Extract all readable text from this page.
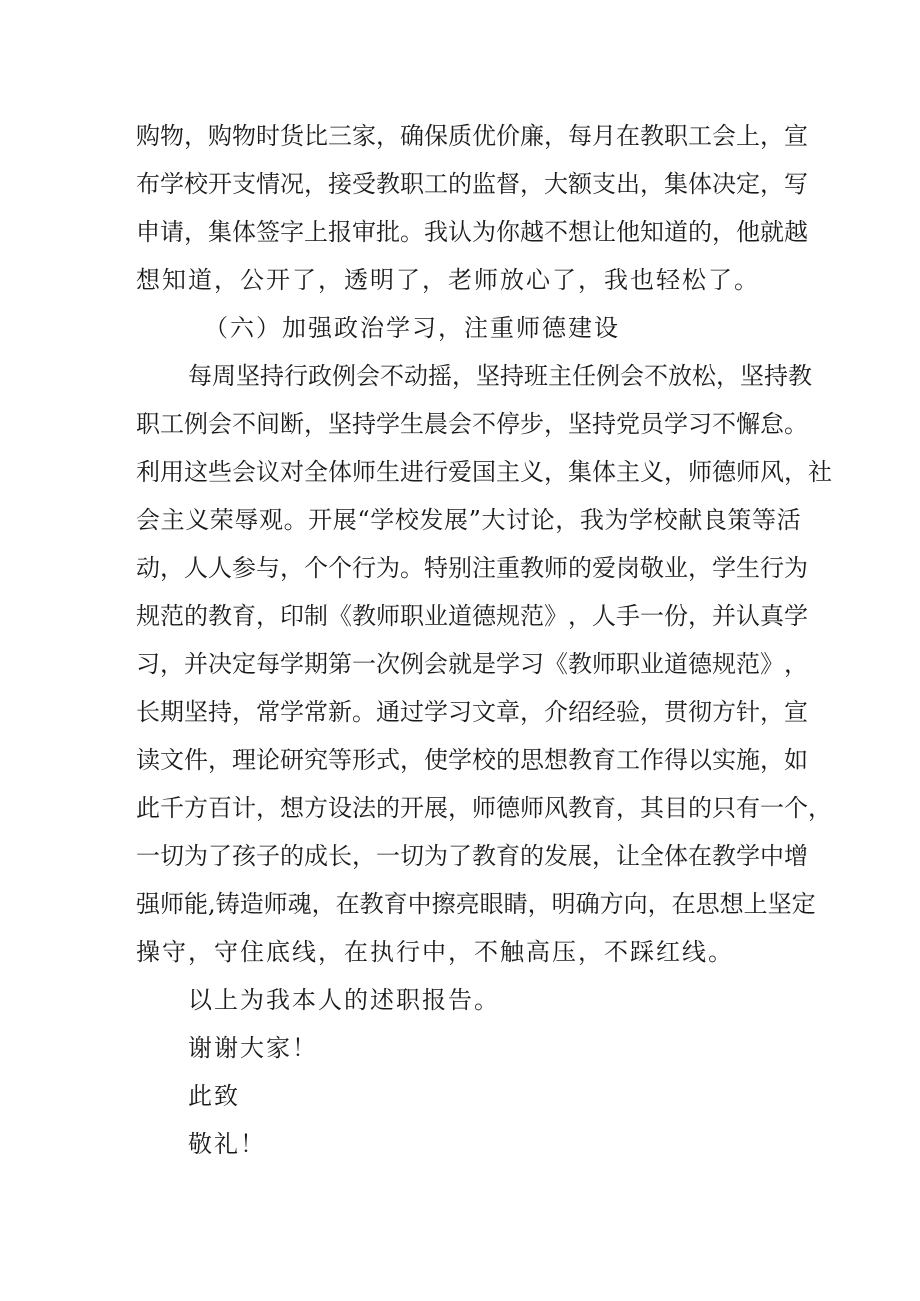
购 物 ， 购 物 时 货 比 三 家 ， 确 保 质 优 价 廉 ， 每 月 在 教 职 工 会 上 ， 宣
布 学 校 开 支 情 况 ， 接 受 教 职 工 的 监 督 ， 大 额 支 出 ， 集 体 决 定 ， 写
申 请 ， 集 体 签 字 上 报 审 批 。 我 认 为 你 越 不 想 让 他 知 道 的 ， 他 就 越
想知道，公开了，透明了，老师放心了，我也轻松了。
（六）加强政治学习，注重师德建设
每 周 坚 持 行 政 例 会 不 动 摇 ， 坚 持 班 主 任 例 会 不 放 松 ， 坚 持 教
职 工 例 会 不 间 断 ， 坚 持 学 生 晨 会 不 停 步 ， 坚 持 党 员 学 习 不 懈 怠 。
利 用 这 些 会 议 对 全 体 师 生 进 行 爱 国 主 义 ， 集 体 主 义 ， 师 德 师 风 ， 社
会 主 义 荣 辱 观 。 开 展 “ 学 校 发 展 ” 大 讨 论 ， 我 为 学 校 献 良 策 等 活
动 ， 人 人 参 与 ， 个 个 行 为 。 特 别 注 重 教 师 的 爱 岗 敬 业 ， 学 生 行 为
规 范 的 教 育 ， 印 制 《 教 师 职 业 道 德 规 范 》 ， 人 手 一 份 ， 并 认 真 学
习 ， 并 决 定 每 学 期 第 一 次 例 会 就 是 学 习 《 教 师 职 业 道 德 规 范 》 ，
长 期 坚 持 ， 常 学 常 新 。 通 过 学 习 文 章 ， 介 绍 经 验 ， 贯 彻 方 针 ， 宣
读 文 件 ， 理 论 研 究 等 形 式 ， 使 学 校 的 思 想 教 育 工 作 得 以 实 施 ， 如
此 千 方 百 计 ， 想 方 设 法 的 开 展 ， 师 德 师 风 教 育 ， 其 目 的 只 有 一 个 ，
一 切 为 了 孩 子 的 成 长 ， 一 切 为 了 教 育 的 发 展 ， 让 全 体 在 教 学 中 增
强 师 能 , 铸 造 师 魂 ， 在 教 育 中 擦 亮 眼 睛 ， 明 确 方 向 ， 在 思 想 上 坚 定
操守，守住底线，在执行中，不触高压，不踩红线。
以上为我本人的述职报告。
谢谢大家！
此致
敬礼！
